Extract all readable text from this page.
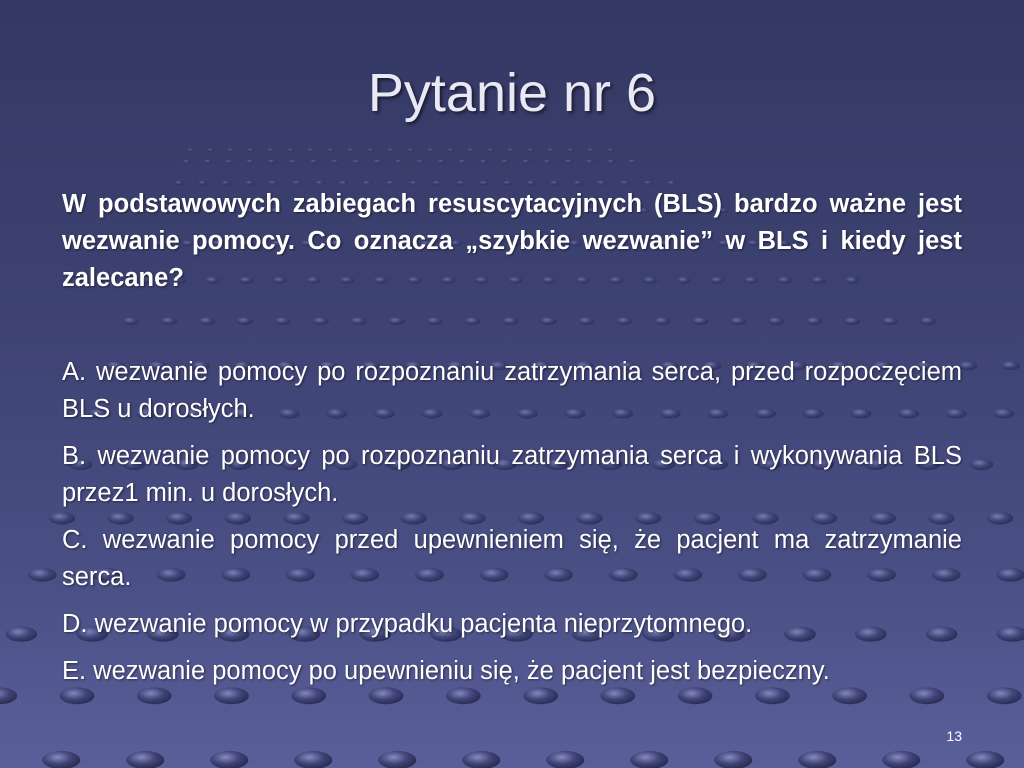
Pytanie nr 6

W podstawowych zabiegach resuscytacyjnych (BLS) bardzo ważne jest wezwanie pomocy. Co oznacza „szybkie wezwanie” w BLS i kiedy jest zalecane?

A. wezwanie pomocy po rozpoznaniu zatrzymania serca, przed rozpoczęciem BLS u dorosłych.
B. wezwanie pomocy po rozpoznaniu zatrzymania serca i wykonywania BLS przez1 min. u dorosłych.
C. wezwanie pomocy przed upewnieniem się, że pacjent ma zatrzymanie serca.
D. wezwanie pomocy w przypadku pacjenta nieprzytomnego.
E. wezwanie pomocy po upewnieniu się, że pacjent jest bezpieczny.
13
